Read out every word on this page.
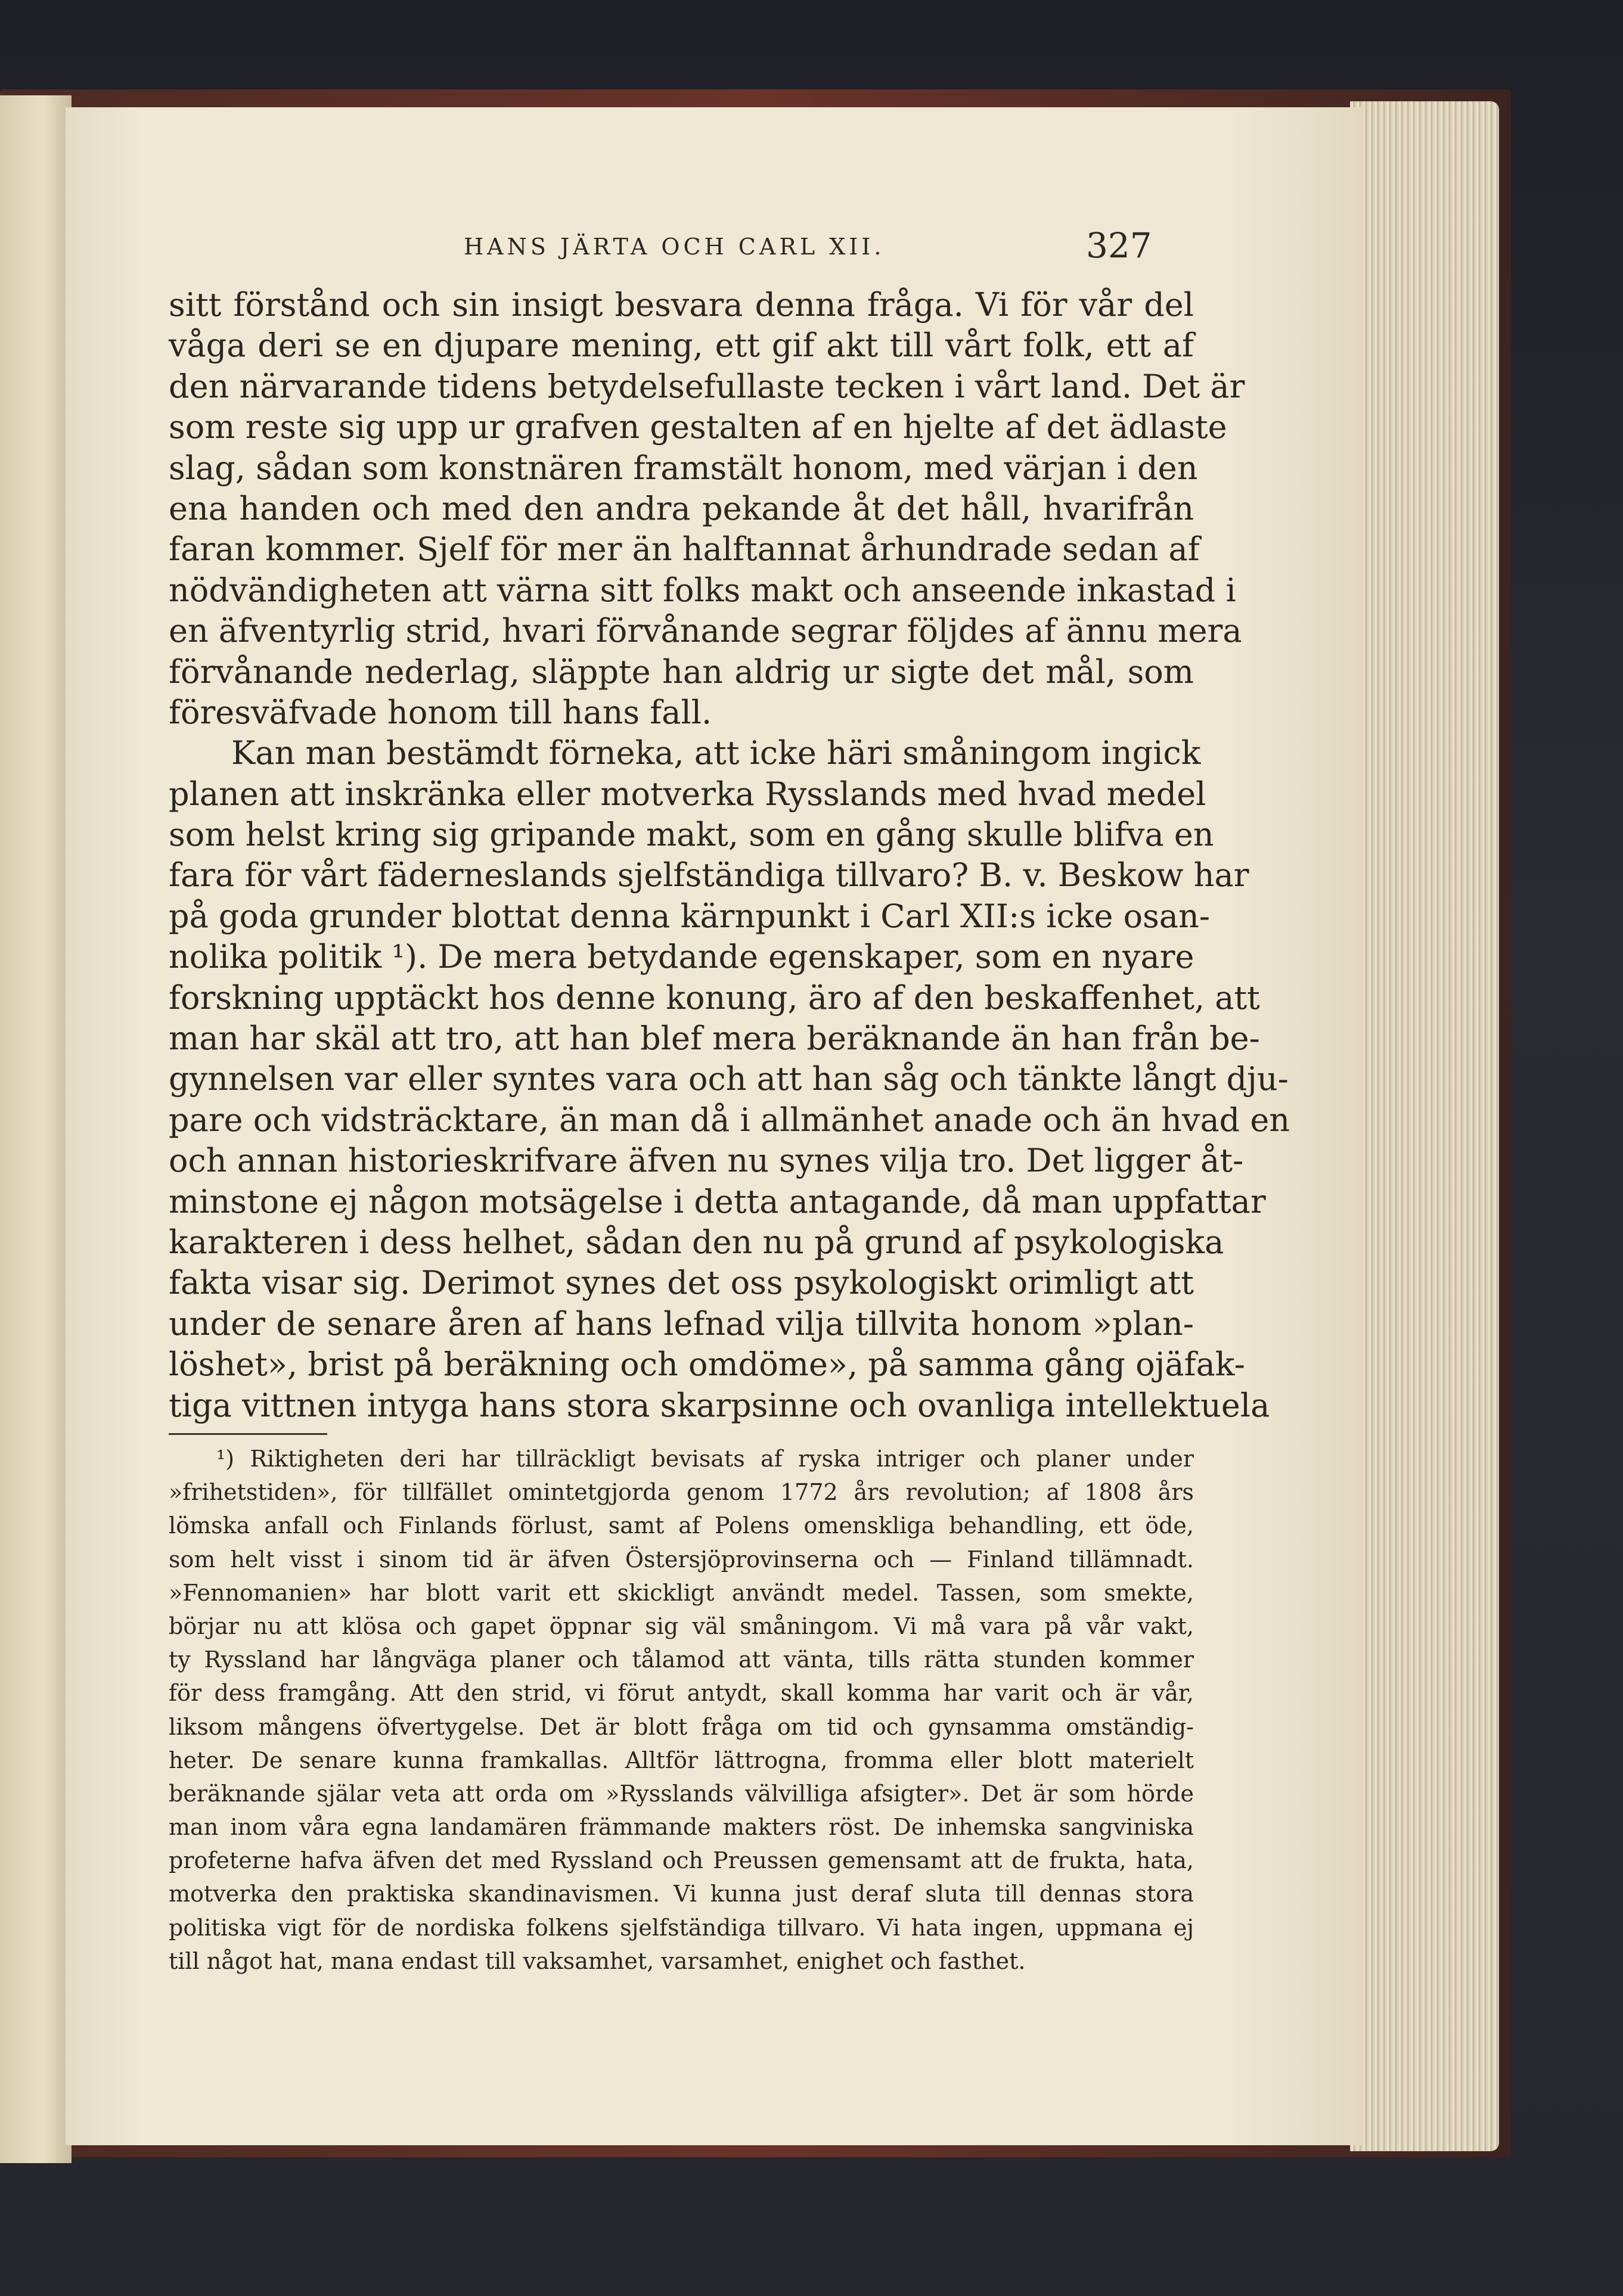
HANS JÄRTA OCH CARL XII.	327
sitt förstånd och sin insigt besvara denna fråga. Vi för vår del
våga deri se en djupare mening, ett gif akt till vårt folk, ett af
den närvarande tidens betydelsefullaste tecken i vårt land. Det är
som reste sig upp ur grafven gestalten af en hjelte af det ädlaste
slag, sådan som konstnären framstält honom, med värjan i den
ena handen och med den andra pekande åt det håll, hvarifrån
faran kommer. Sjelf för mer än halftannat århundrade sedan af
nödvändigheten att värna sitt folks makt och anseende inkastad i
en äfventyrlig strid, hvari förvånande segrar följdes af ännu mera
förvånande nederlag, släppte han aldrig ur sigte det mål, som
föresväfvade honom till hans fall.
Kan man bestämdt förneka, att icke häri småningom ingick
planen att inskränka eller motverka Rysslands med hvad medel
som helst kring sig gripande makt, som en gång skulle blifva en
fara för vårt fäderneslands sjelfständiga tillvaro? B. v. Beskow har
på goda grunder blottat denna kärnpunkt i Carl XII:s icke osan-
nolika politik ¹). De mera betydande egenskaper, som en nyare
forskning upptäckt hos denne konung, äro af den beskaffenhet, att
man har skäl att tro, att han blef mera beräknande än han från be-
gynnelsen var eller syntes vara och att han såg och tänkte långt dju-
pare och vidsträcktare, än man då i allmänhet anade och än hvad en
och annan historieskrifvare äfven nu synes vilja tro. Det ligger åt-
minstone ej någon motsägelse i detta antagande, då man uppfattar
karakteren i dess helhet, sådan den nu på grund af psykologiska
fakta visar sig. Derimot synes det oss psykologiskt orimligt att
under de senare åren af hans lefnad vilja tillvita honom »plan-
löshet», brist på beräkning och omdöme», på samma gång ojäfak-
tiga vittnen intyga hans stora skarpsinne och ovanliga intellektuela
¹) Riktigheten deri har tillräckligt bevisats af ryska intriger och planer under
»frihetstiden», för tillfället omintetgjorda genom 1772 års revolution; af 1808 års
lömska anfall och Finlands förlust, samt af Polens omenskliga behandling, ett öde,
som helt visst i sinom tid är äfven Östersjöprovinserna och — Finland tillämnadt.
»Fennomanien» har blott varit ett skickligt användt medel. Tassen, som smekte,
börjar nu att klösa och gapet öppnar sig väl småningom. Vi må vara på vår vakt,
ty Ryssland har långväga planer och tålamod att vänta, tills rätta stunden kommer
för dess framgång. Att den strid, vi förut antydt, skall komma har varit och är vår,
liksom mångens öfvertygelse. Det är blott fråga om tid och gynsamma omständig-
heter. De senare kunna framkallas. Alltför lättrogna, fromma eller blott materielt
beräknande själar veta att orda om »Rysslands välvilliga afsigter». Det är som hörde
man inom våra egna landamären främmande makters röst. De inhemska sangviniska
profeterne hafva äfven det med Ryssland och Preussen gemensamt att de frukta, hata,
motverka den praktiska skandinavismen. Vi kunna just deraf sluta till dennas stora
politiska vigt för de nordiska folkens sjelfständiga tillvaro. Vi hata ingen, uppmana ej
till något hat, mana endast till vaksamhet, varsamhet, enighet och fasthet.
